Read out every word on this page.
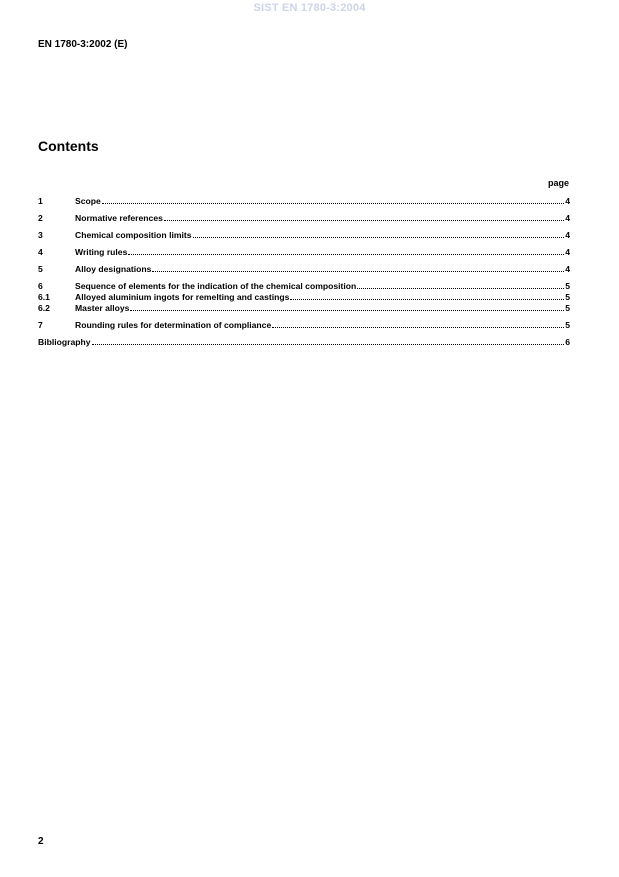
SIST EN 1780-3:2004
EN 1780-3:2002 (E)
Contents
page
1	Scope	4
2	Normative references	4
3	Chemical composition limits	4
4	Writing rules	4
5	Alloy designations	4
6	Sequence of elements for the indication of the chemical composition	5
6.1	Alloyed aluminium ingots for remelting and castings	5
6.2	Master alloys	5
7	Rounding rules for determination of compliance	5
Bibliography	6
2
